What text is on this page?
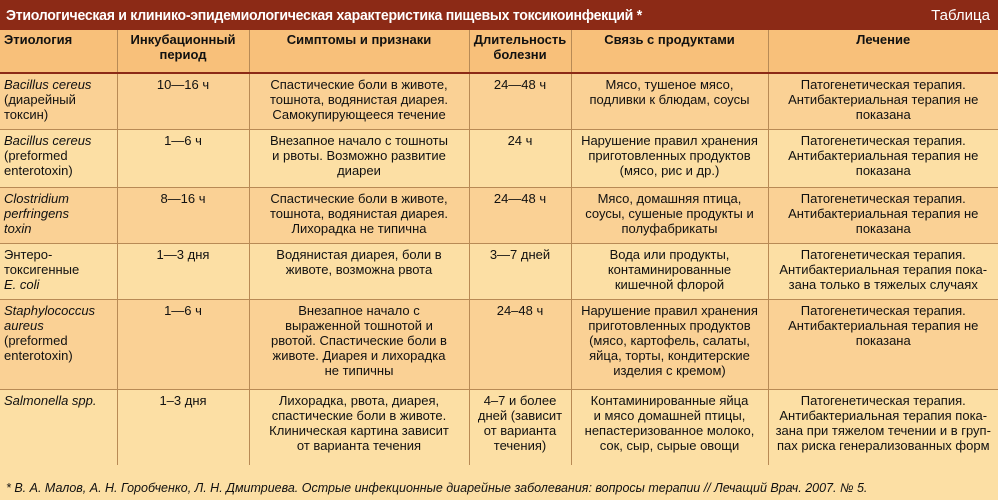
Этиологическая и клинико-эпидемиологическая характеристика пищевых токсикоинфекций *	Таблица
Этиология	Инкубационный
период	Симптомы и признаки	Длительность
болезни	Связь с продуктами	Лечение
Bacillus cereus
(диарейный
токсин)	10—16 ч	Спастические боли в животе,
тошнота, водянистая диарея.
Самокупирующееся течение	24—48 ч	Мясо, тушеное мясо,
подливки к блюдам, соусы	Патогенетическая терапия.
Антибактериальная терапия не
показана
Bacillus cereus
(preformed
enterotoxin)	1—6 ч	Внезапное начало с тошноты
и рвоты. Возможно развитие
диареи	24 ч	Нарушение правил хранения
приготовленных продуктов
(мясо, рис и др.)	Патогенетическая терапия.
Антибактериальная терапия не
показана
Clostridium
perfringens
toxin	8—16 ч	Спастические боли в животе,
тошнота, водянистая диарея.
Лихорадка не типична	24—48 ч	Мясо, домашняя птица,
соусы, сушеные продукты и
полуфабрикаты	Патогенетическая терапия.
Антибактериальная терапия не
показана
Энтеро-
токсигенные
E. coli	1—3 дня	Водянистая диарея, боли в
животе, возможна рвота	3—7 дней	Вода или продукты,
контаминированные
кишечной флорой	Патогенетическая терапия.
Антибактериальная терапия пока-
зана только в тяжелых случаях
Staphylococcus
aureus
(preformed
enterotoxin)	1—6 ч	Внезапное начало с
выраженной тошнотой и
рвотой. Спастические боли в
животе. Диарея и лихорадка
не типичны	24–48 ч	Нарушение правил хранения
приготовленных продуктов
(мясо, картофель, салаты,
яйца, торты, кондитерские
изделия с кремом)	Патогенетическая терапия.
Антибактериальная терапия не
показана
Salmonella spp.	1–3 дня	Лихорадка, рвота, диарея,
спастические боли в животе.
Клиническая картина зависит
от варианта течения	4–7 и более
дней (зависит
от варианта
течения)	Контаминированные яйца
и мясо домашней птицы,
непастеризованное молоко,
сок, сыр, сырые овощи	Патогенетическая терапия.
Антибактериальная терапия пока-
зана при тяжелом течении и в груп-
пах риска генерализованных форм
* В. А. Малов, А. Н. Горобченко, Л. Н. Дмитриева. Острые инфекционные диарейные заболевания: вопросы терапии // Лечащий Врач. 2007. № 5.
